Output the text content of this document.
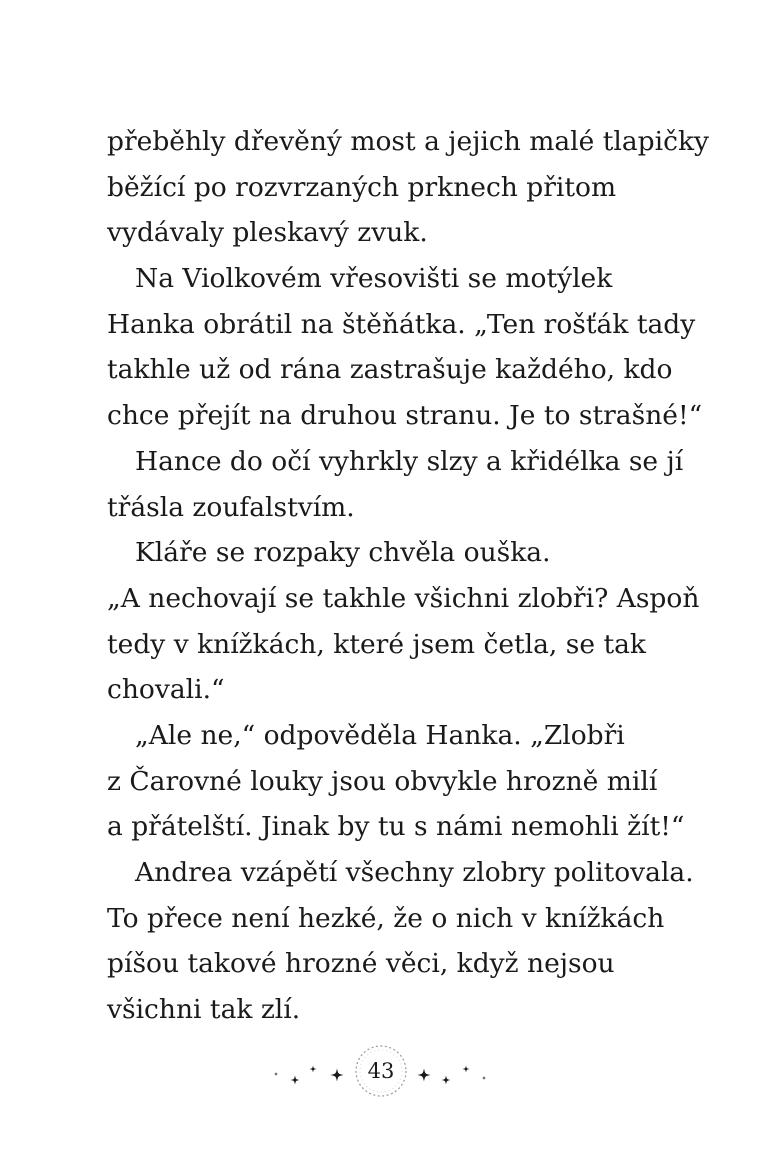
přeběhly dřevěný most a jejich malé tlapičky
běžící po rozvrzaných prknech přitom
vydávaly pleskavý zvuk.
Na Violkovém vřesovišti se motýlek
Hanka obrátil na štěňátka. „Ten rošťák tady
takhle už od rána zastrašuje každého, kdo
chce přejít na druhou stranu. Je to strašné!“
Hance do očí vyhrkly slzy a křidélka se jí
třásla zoufalstvím.
Kláře se rozpaky chvěla ouška.
„A nechovají se takhle všichni zlobři? Aspoň
tedy v knížkách, které jsem četla, se tak
chovali.“
„Ale ne,“ odpověděla Hanka. „Zlobři
z Čarovné louky jsou obvykle hrozně milí
a přátelští. Jinak by tu s námi nemohli žít!“
Andrea vzápětí všechny zlobry politovala.
To přece není hezké, že o nich v knížkách
píšou takové hrozné věci, když nejsou
všichni tak zlí.
43
